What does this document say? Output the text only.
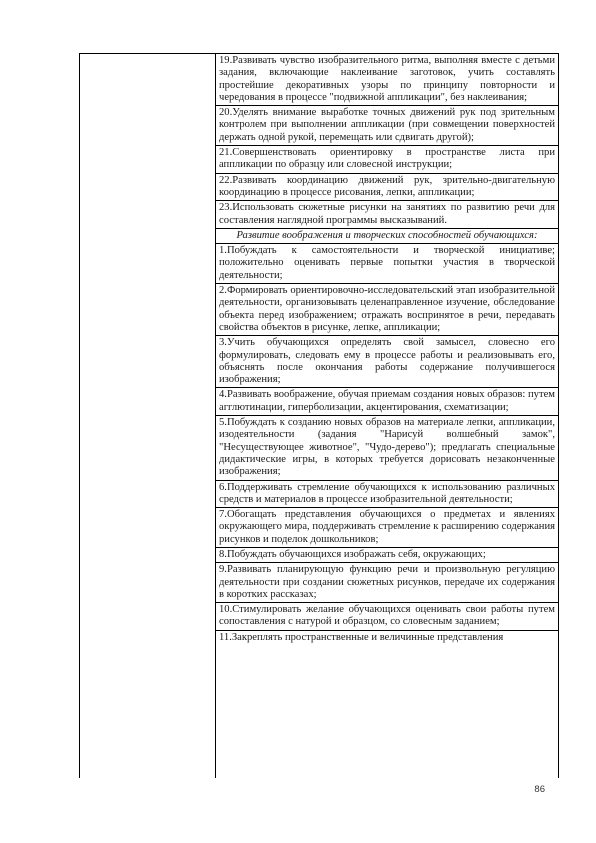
19.Развивать чувство изобразительного ритма, выполняя вместе с детьми задания, включающие наклеивание заготовок, учить составлять простейшие декоративных узоры по принципу повторности и чередования в процессе "подвижной аппликации", без наклеивания;
20.Уделять внимание выработке точных движений рук под зрительным контролем при выполнении аппликации (при совмещении поверхностей держать одной рукой, перемещать или сдвигать другой);
21.Совершенствовать ориентировку в пространстве листа при аппликации по образцу или словесной инструкции;
22.Развивать координацию движений рук, зрительно-двигательную координацию в процессе рисования, лепки, аппликации;
23.Использовать сюжетные рисунки на занятиях по развитию речи для составления наглядной программы высказываний.
Развитие воображения и творческих способностей обучающихся:
1.Побуждать к самостоятельности и творческой инициативе; положительно оценивать первые попытки участия в творческой деятельности;
2.Формировать ориентировочно-исследовательский этап изобразительной деятельности, организовывать целенаправленное изучение, обследование объекта перед изображением; отражать воспринятое в речи, передавать свойства объектов в рисунке, лепке, аппликации;
3.Учить обучающихся определять свой замысел, словесно его формулировать, следовать ему в процессе работы и реализовывать его, объяснять после окончания работы содержание получившегося изображения;
4.Развивать воображение, обучая приемам создания новых образов: путем агглютинации, гиперболизации, акцентирования, схематизации;
5.Побуждать к созданию новых образов на материале лепки, аппликации, изодеятельности (задания "Нарисуй волшебный замок", "Несуществующее животное", "Чудо-дерево"); предлагать специальные дидактические игры, в которых требуется дорисовать незаконченные изображения;
6.Поддерживать стремление обучающихся к использованию различных средств и материалов в процессе изобразительной деятельности;
7.Обогащать представления обучающихся о предметах и явлениях окружающего мира, поддерживать стремление к расширению содержания рисунков и поделок дошкольников;
8.Побуждать обучающихся изображать себя, окружающих;
9.Развивать планирующую функцию речи и произвольную регуляцию деятельности при создании сюжетных рисунков, передаче их содержания в коротких рассказах;
10.Стимулировать желание обучающихся оценивать свои работы путем сопоставления с натурой и образцом, со словесным заданием;
11.Закреплять пространственные и величинные представления
86
